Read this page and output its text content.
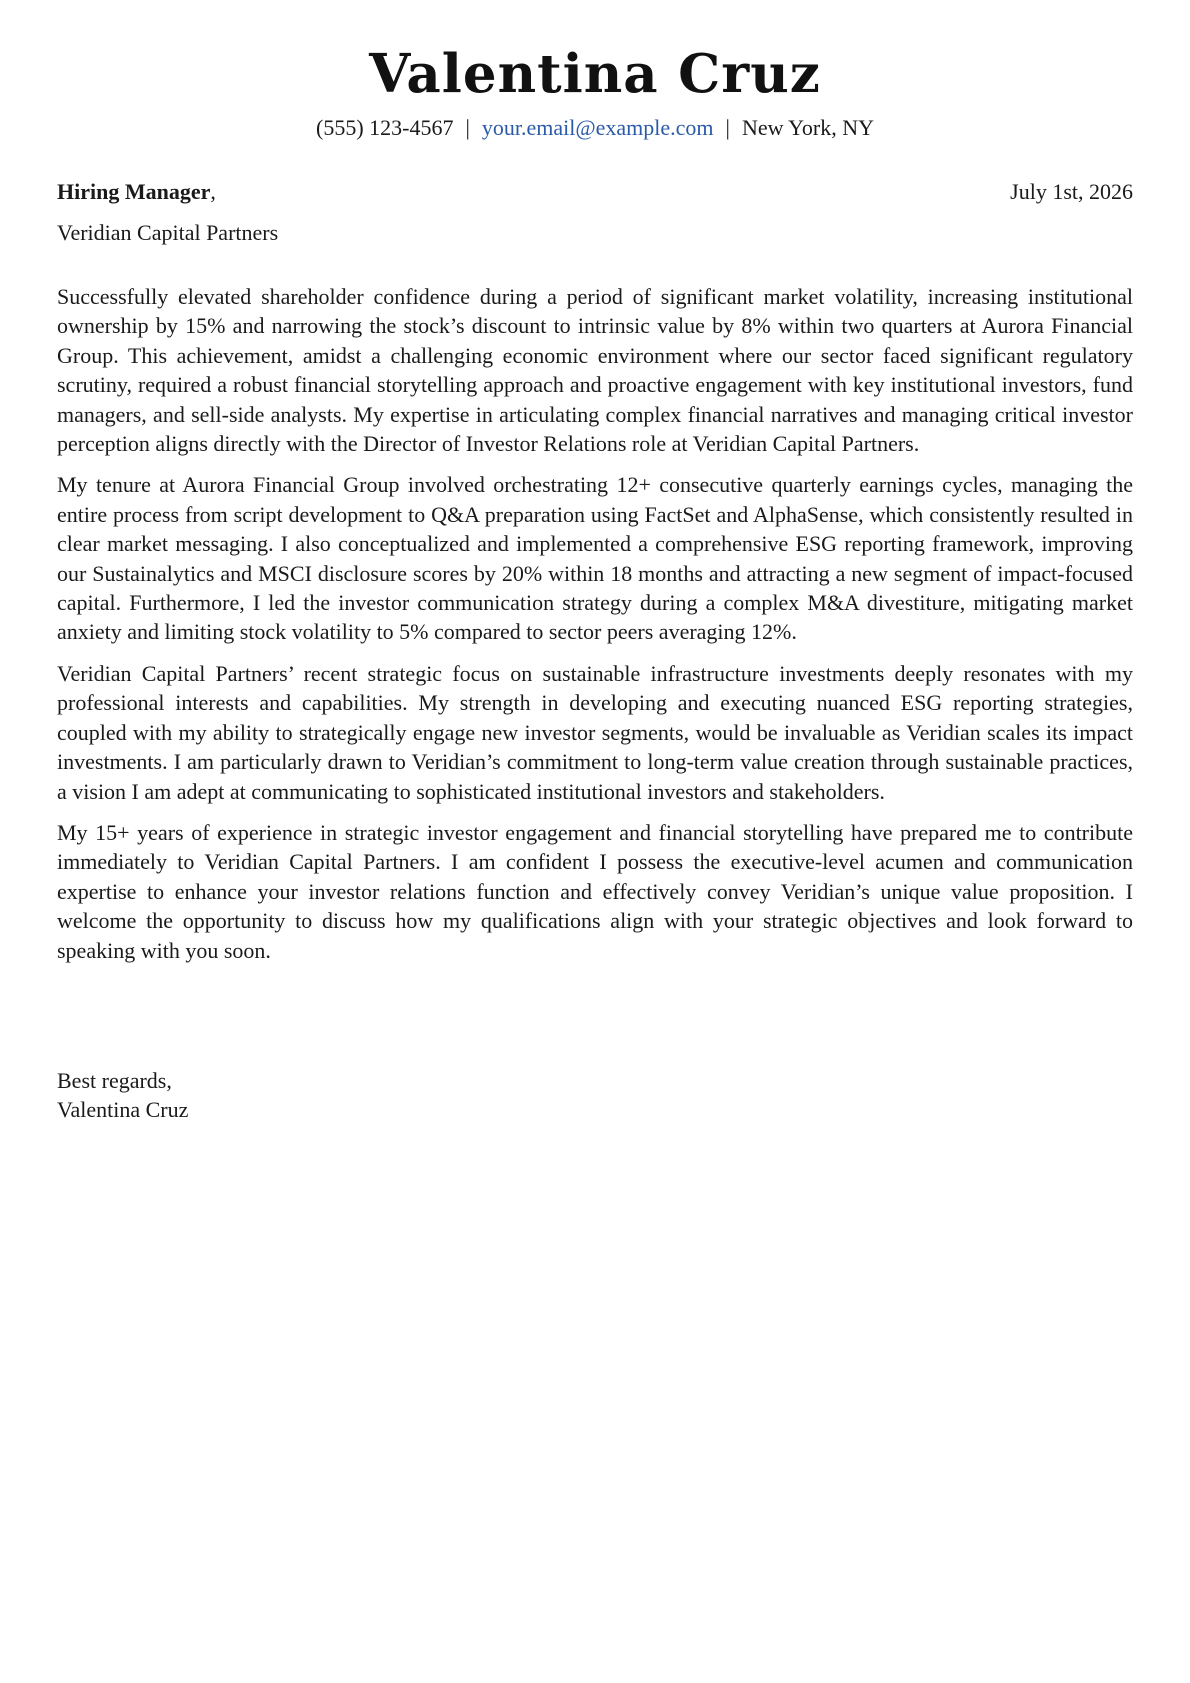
Valentina Cruz
(555) 123-4567 | your.email@example.com | New York, NY
Hiring Manager,	July 1st, 2026
Veridian Capital Partners

Successfully elevated shareholder confidence during a period of significant market volatility, increasing institutional ownership by 15% and narrowing the stock’s discount to intrinsic value by 8% within two quarters at Aurora Financial Group. This achievement, amidst a challenging economic environment where our sector faced significant regulatory scrutiny, required a robust financial storytelling approach and proactive engagement with key institutional investors, fund managers, and sell-side analysts. My expertise in articulating complex financial narratives and managing critical investor perception aligns directly with the Director of Investor Relations role at Veridian Capital Partners.

My tenure at Aurora Financial Group involved orchestrating 12+ consecutive quarterly earnings cycles, managing the entire process from script development to Q&A preparation using FactSet and AlphaSense, which consistently resulted in clear market messaging. I also conceptualized and implemented a comprehensive ESG reporting framework, improving our Sustainalytics and MSCI disclosure scores by 20% within 18 months and attracting a new segment of impact-focused capital. Furthermore, I led the investor communication strategy during a complex M&A divestiture, mitigating market anxiety and limiting stock volatility to 5% compared to sector peers averaging 12%.

Veridian Capital Partners’ recent strategic focus on sustainable infrastructure investments deeply resonates with my professional interests and capabilities. My strength in developing and executing nuanced ESG reporting strategies, coupled with my ability to strategically engage new investor segments, would be invaluable as Veridian scales its impact investments. I am particularly drawn to Veridian’s commitment to long-term value creation through sustainable practices, a vision I am adept at communicating to sophisticated institutional investors and stakeholders.

My 15+ years of experience in strategic investor engagement and financial storytelling have prepared me to contribute immediately to Veridian Capital Partners. I am confident I possess the executive-level acumen and communication expertise to enhance your investor relations function and effectively convey Veridian’s unique value proposition. I welcome the opportunity to discuss how my qualifications align with your strategic objectives and look forward to speaking with you soon.

Best regards,
Valentina Cruz
